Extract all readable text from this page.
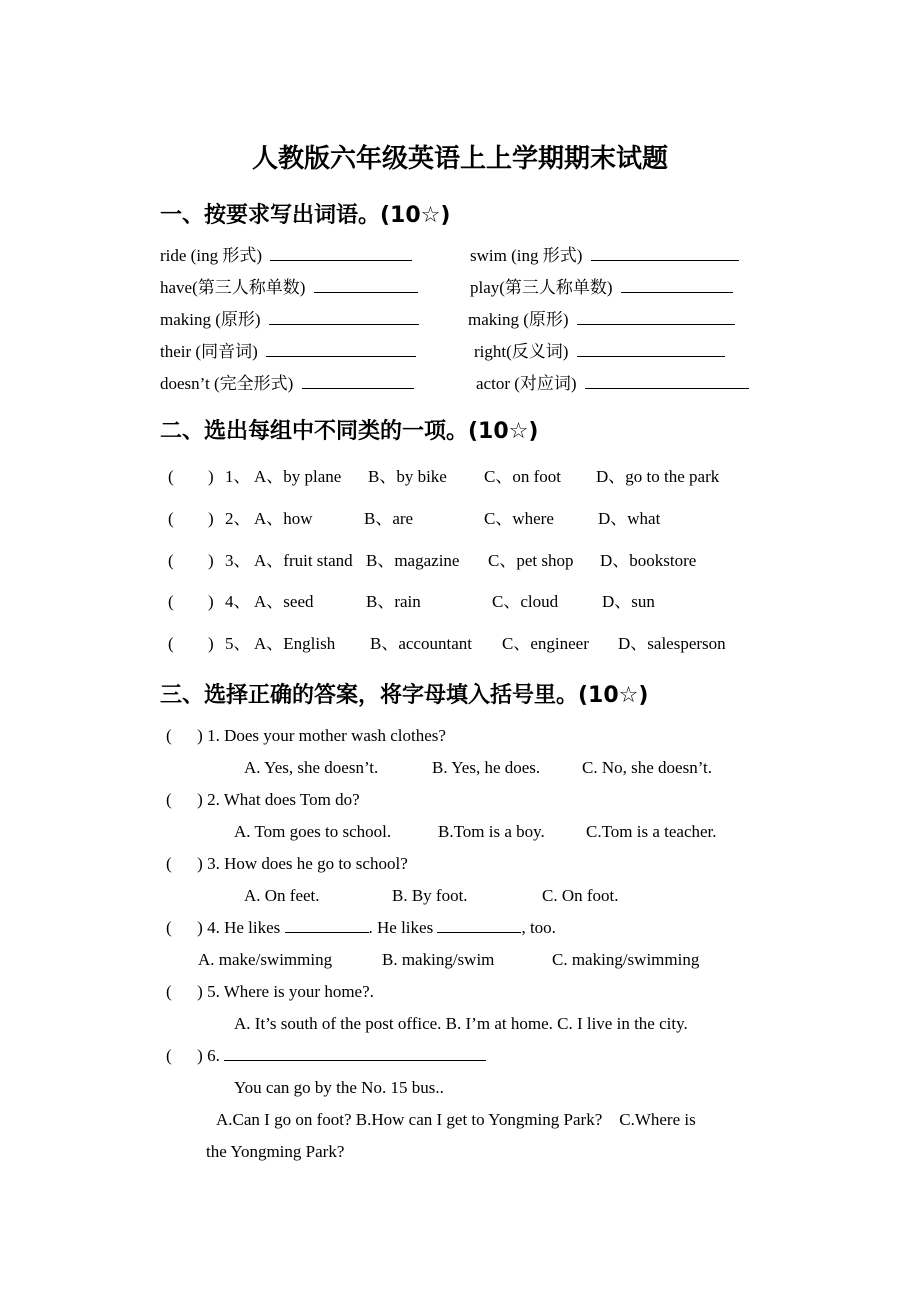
人教版六年级英语上上学期期末试题
一、按要求写出词语。(10☆)
ride (ing 形式)	swim (ing 形式)
have(第三人称单数)	play(第三人称单数)
making (原形)	making (原形)
their (同音词)	right(反义词)
doesn’t (完全形式)	actor (对应词)
二、选出每组中不同类的一项。(10☆)
( ) 1、 A、by plane B、by bike C、on foot D、go to the park
( ) 2、 A、how	B、are	C、where	D、what
( ) 3、 A、fruit stand B、magazine C、pet shop D、bookstore
( ) 4、 A、seed	B、rain	C、cloud	D、sun
( ) 5、 A、English B、accountant C、engineer D、salesperson
三、选择正确的答案，将字母填入括号里。(10☆)
(      ) 1. Does your mother wash clothes?
A. Yes, she doesn’t.	B. Yes, he does. C. No, she doesn’t.
(      ) 2. What does Tom do?
A. Tom goes to school.	B.Tom is a boy. C.Tom is a teacher.
(      ) 3. How does he go to school?
A. On feet.	B. By foot.	C. On foot.
(      ) 4. He likes	. He likes	, too.
A. make/swimming	B. making/swim	C. making/swimming
(      ) 5. Where is your home?.
A. It’s south of the post office. B. I’m at home. C. I live in the city.
(      ) 6.
You can go by the No. 15 bus..
A.Can I go on foot? B.How can I get to Yongming Park?    C.Where is
the Yongming Park?
